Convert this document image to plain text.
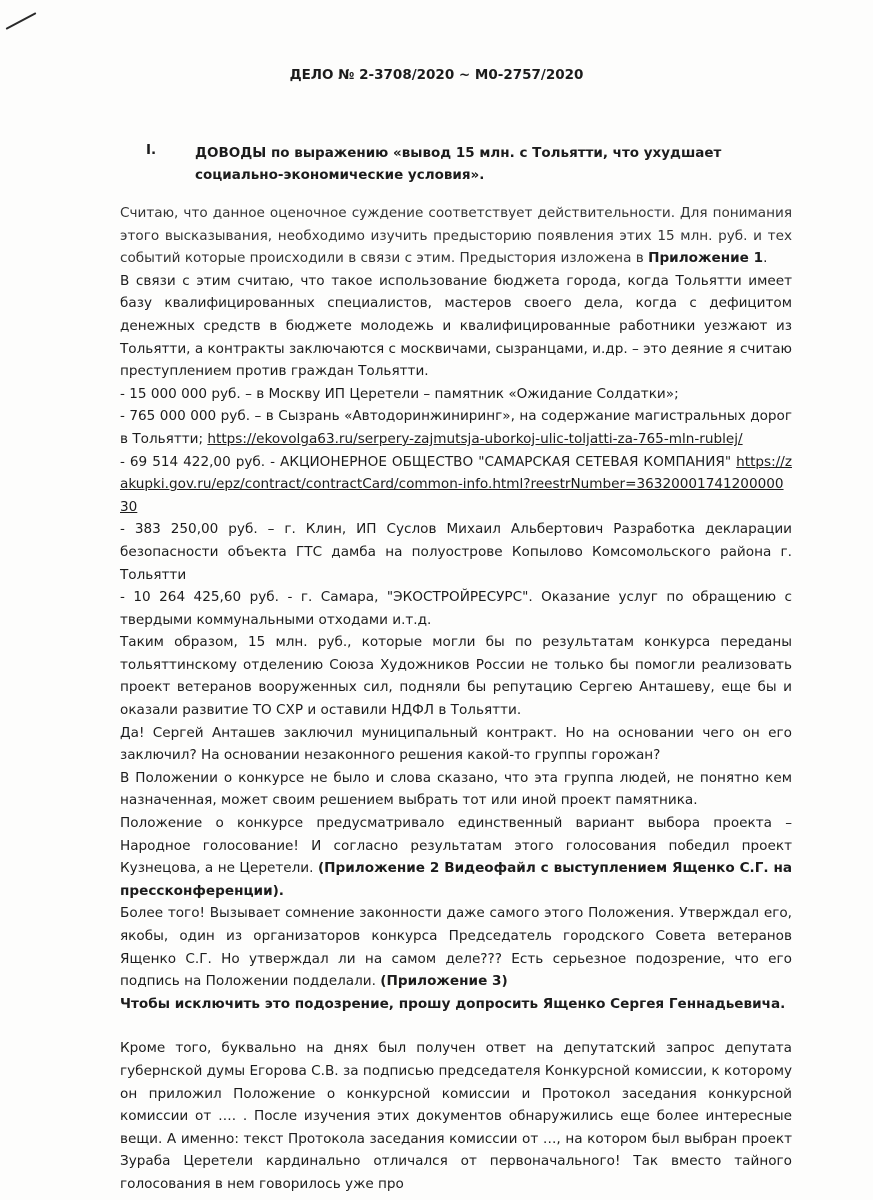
ДЕЛО № 2-3708/2020 ~ М0-2757/2020
I.	ДОВОДЫ по выражению «вывод 15 млн. с Тольятти, что ухудшает социально-экономические условия».

Считаю, что данное оценочное суждение соответствует действительности. Для понимания этого высказывания, необходимо изучить предысторию появления этих 15 млн. руб. и тех событий которые происходили в связи с этим. Предыстория изложена в Приложение 1.

В связи с этим считаю, что такое использование бюджета города, когда Тольятти имеет базу квалифицированных специалистов, мастеров своего дела, когда с дефицитом денежных средств в бюджете молодежь и квалифицированные работники уезжают из Тольятти, а контракты заключаются с москвичами, сызранцами, и.др. – это деяние я считаю преступлением против граждан Тольятти.

- 15 000 000 руб. – в Москву ИП Церетели – памятник «Ожидание Солдатки»;

- 765 000 000 руб. – в Сызрань «Автодоринжиниринг», на содержание магистральных дорог в Тольятти; https://ekovolga63.ru/serpery-zajmutsja-uborkoj-ulic-toljatti-za-765-mln-rublej/

- 69 514 422,00 руб. - АКЦИОНЕРНОЕ ОБЩЕСТВО "САМАРСКАЯ СЕТЕВАЯ КОМПАНИЯ" https://zakupki.gov.ru/epz/contract/contractCard/common-info.html?reestrNumber=3632000174120000030

- 383 250,00 руб. – г. Клин, ИП Суслов Михаил Альбертович Разработка декларации безопасности объекта ГТС дамба на полуострове Копылово Комсомольского района г. Тольятти

- 10 264 425,60 руб. - г. Самара, "ЭКОСТРОЙРЕСУРС". Оказание услуг по обращению с твердыми коммунальными отходами и.т.д.

Таким образом, 15 млн. руб., которые могли бы по результатам конкурса переданы тольяттинскому отделению Союза Художников России не только бы помогли реализовать проект ветеранов вооруженных сил, подняли бы репутацию Сергею Анташеву, еще бы и оказали развитие ТО СХР и оставили НДФЛ в Тольятти.

Да! Сергей Анташев заключил муниципальный контракт. Но на основании чего он его заключил? На основании незаконного решения какой-то группы горожан?

В Положении о конкурсе не было и слова сказано, что эта группа людей, не понятно кем назначенная, может своим решением выбрать тот или иной проект памятника.

Положение о конкурсе предусматривало единственный вариант выбора проекта – Народное голосование! И согласно результатам этого голосования победил проект Кузнецова, а не Церетели. (Приложение 2 Видеофайл с выступлением Ященко С.Г. на прессконференции).

Более того! Вызывает сомнение законности даже самого этого Положения. Утверждал его, якобы, один из организаторов конкурса Председатель городского Совета ветеранов Ященко С.Г. Но утверждал ли на самом деле??? Есть серьезное подозрение, что его подпись на Положении подделали. (Приложение 3)

Чтобы исключить это подозрение, прошу допросить Ященко Сергея Геннадьевича.

Кроме того, буквально на днях был получен ответ на депутатский запрос депутата губернской думы Егорова С.В. за подписью председателя Конкурсной комиссии, к которому он приложил Положение о конкурсной комиссии и Протокол заседания конкурсной комиссии от …. . После изучения этих документов обнаружились еще более интересные вещи. А именно: текст Протокола заседания комиссии от …, на котором был выбран проект Зураба Церетели кардинально отличался от первоначального! Так вместо тайного голосования в нем говорилось уже про
